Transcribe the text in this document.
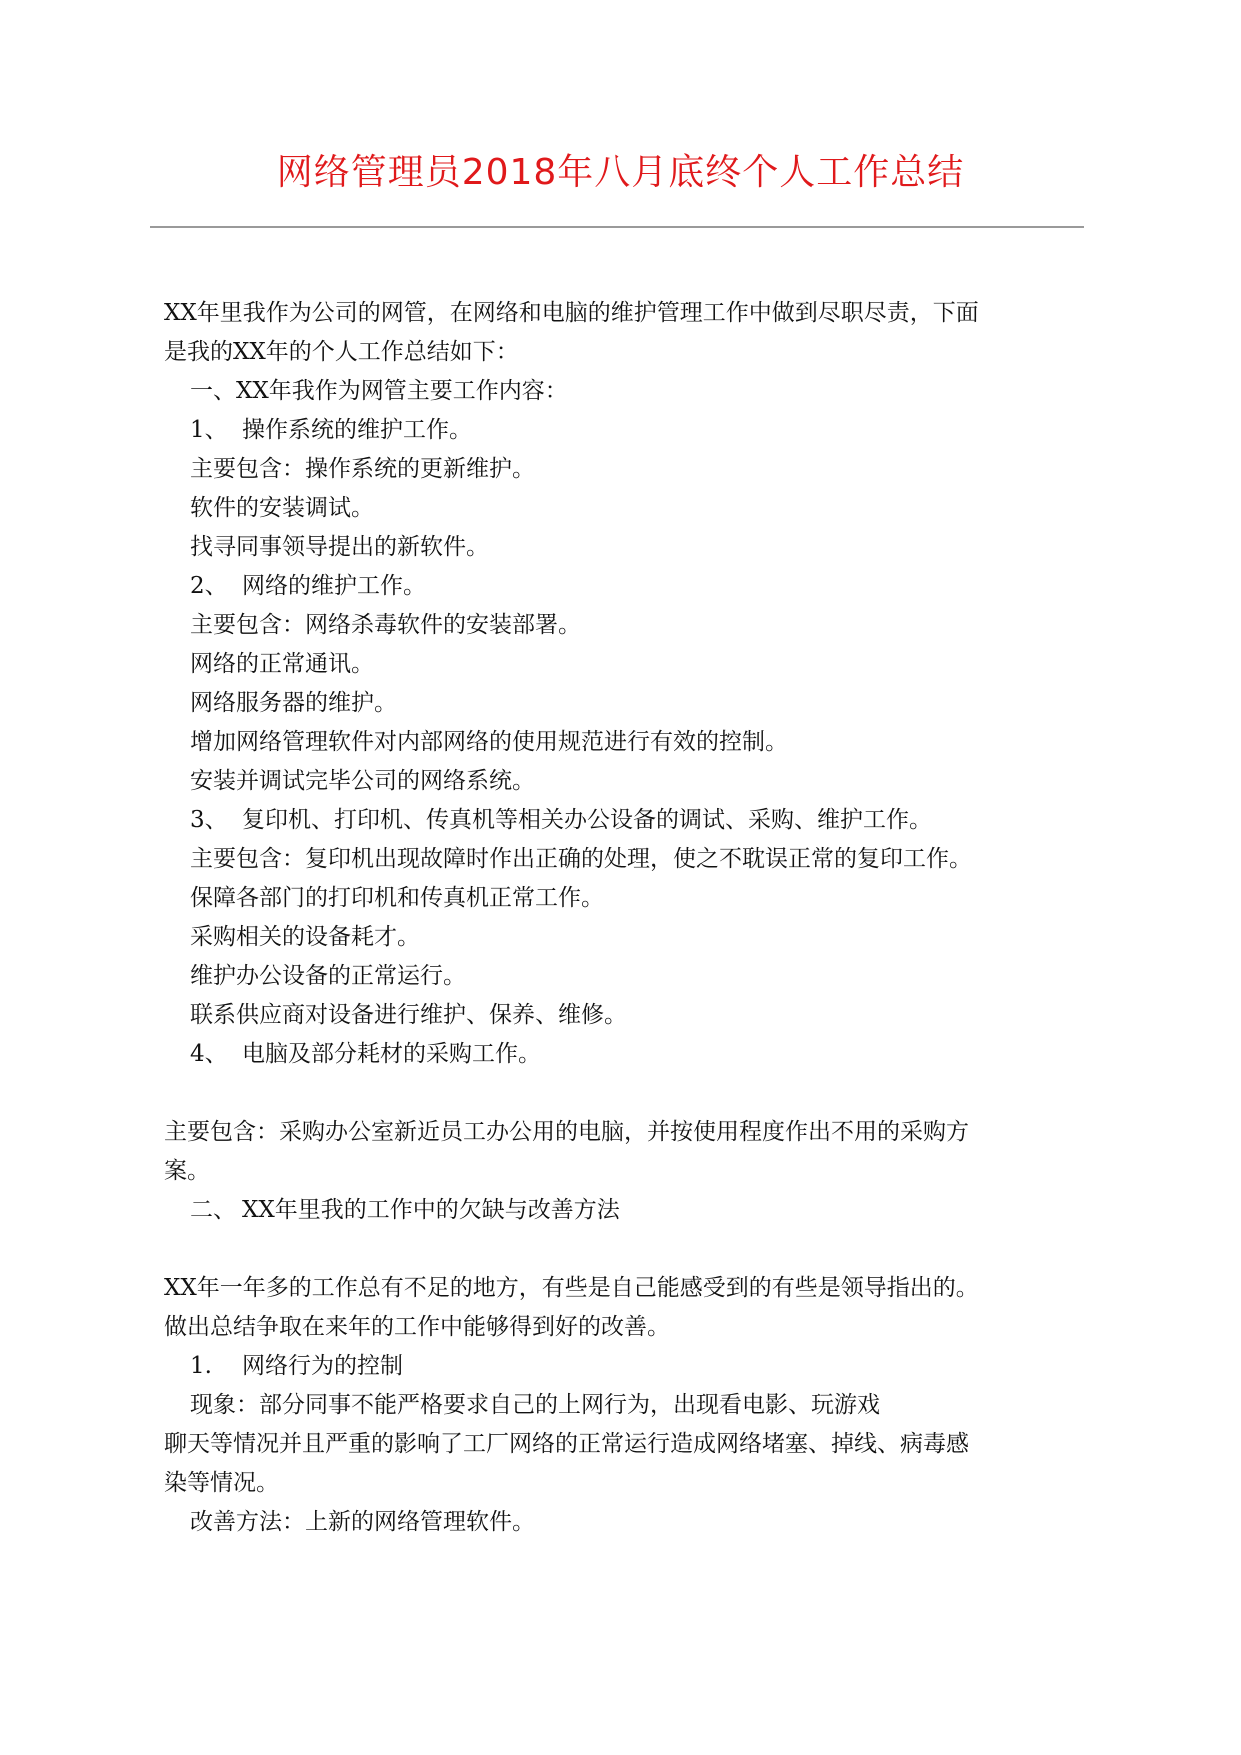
网络管理员2018年八月底终个人工作总结

XX年里我作为公司的网管，在网络和电脑的维护管理工作中做到尽职尽责，下面

是我的XX年的个人工作总结如下：

一、XX年我作为网管主要工作内容：

1、 操作系统的维护工作。

主要包含：操作系统的更新维护。

软件的安装调试。

找寻同事领导提出的新软件。

2、 网络的维护工作。

主要包含：网络杀毒软件的安装部署。

网络的正常通讯。

网络服务器的维护。

增加网络管理软件对内部网络的使用规范进行有效的控制。

安装并调试完毕公司的网络系统。

3、 复印机、打印机、传真机等相关办公设备的调试、采购、维护工作。

主要包含：复印机出现故障时作出正确的处理，使之不耽误正常的复印工作。

保障各部门的打印机和传真机正常工作。

采购相关的设备耗才。

维护办公设备的正常运行。

联系供应商对设备进行维护、保养、维修。

4、 电脑及部分耗材的采购工作。

主要包含：采购办公室新近员工办公用的电脑，并按使用程度作出不用的采购方

案。

二、 XX年里我的工作中的欠缺与改善方法

XX年一年多的工作总有不足的地方，有些是自己能感受到的有些是领导指出的。

做出总结争取在来年的工作中能够得到好的改善。

1. 网络行为的控制

现象：部分同事不能严格要求自己的上网行为，出现看电影、玩游戏

聊天等情况并且严重的影响了工厂网络的正常运行造成网络堵塞、掉线、病毒感

染等情况。

改善方法：上新的网络管理软件。
